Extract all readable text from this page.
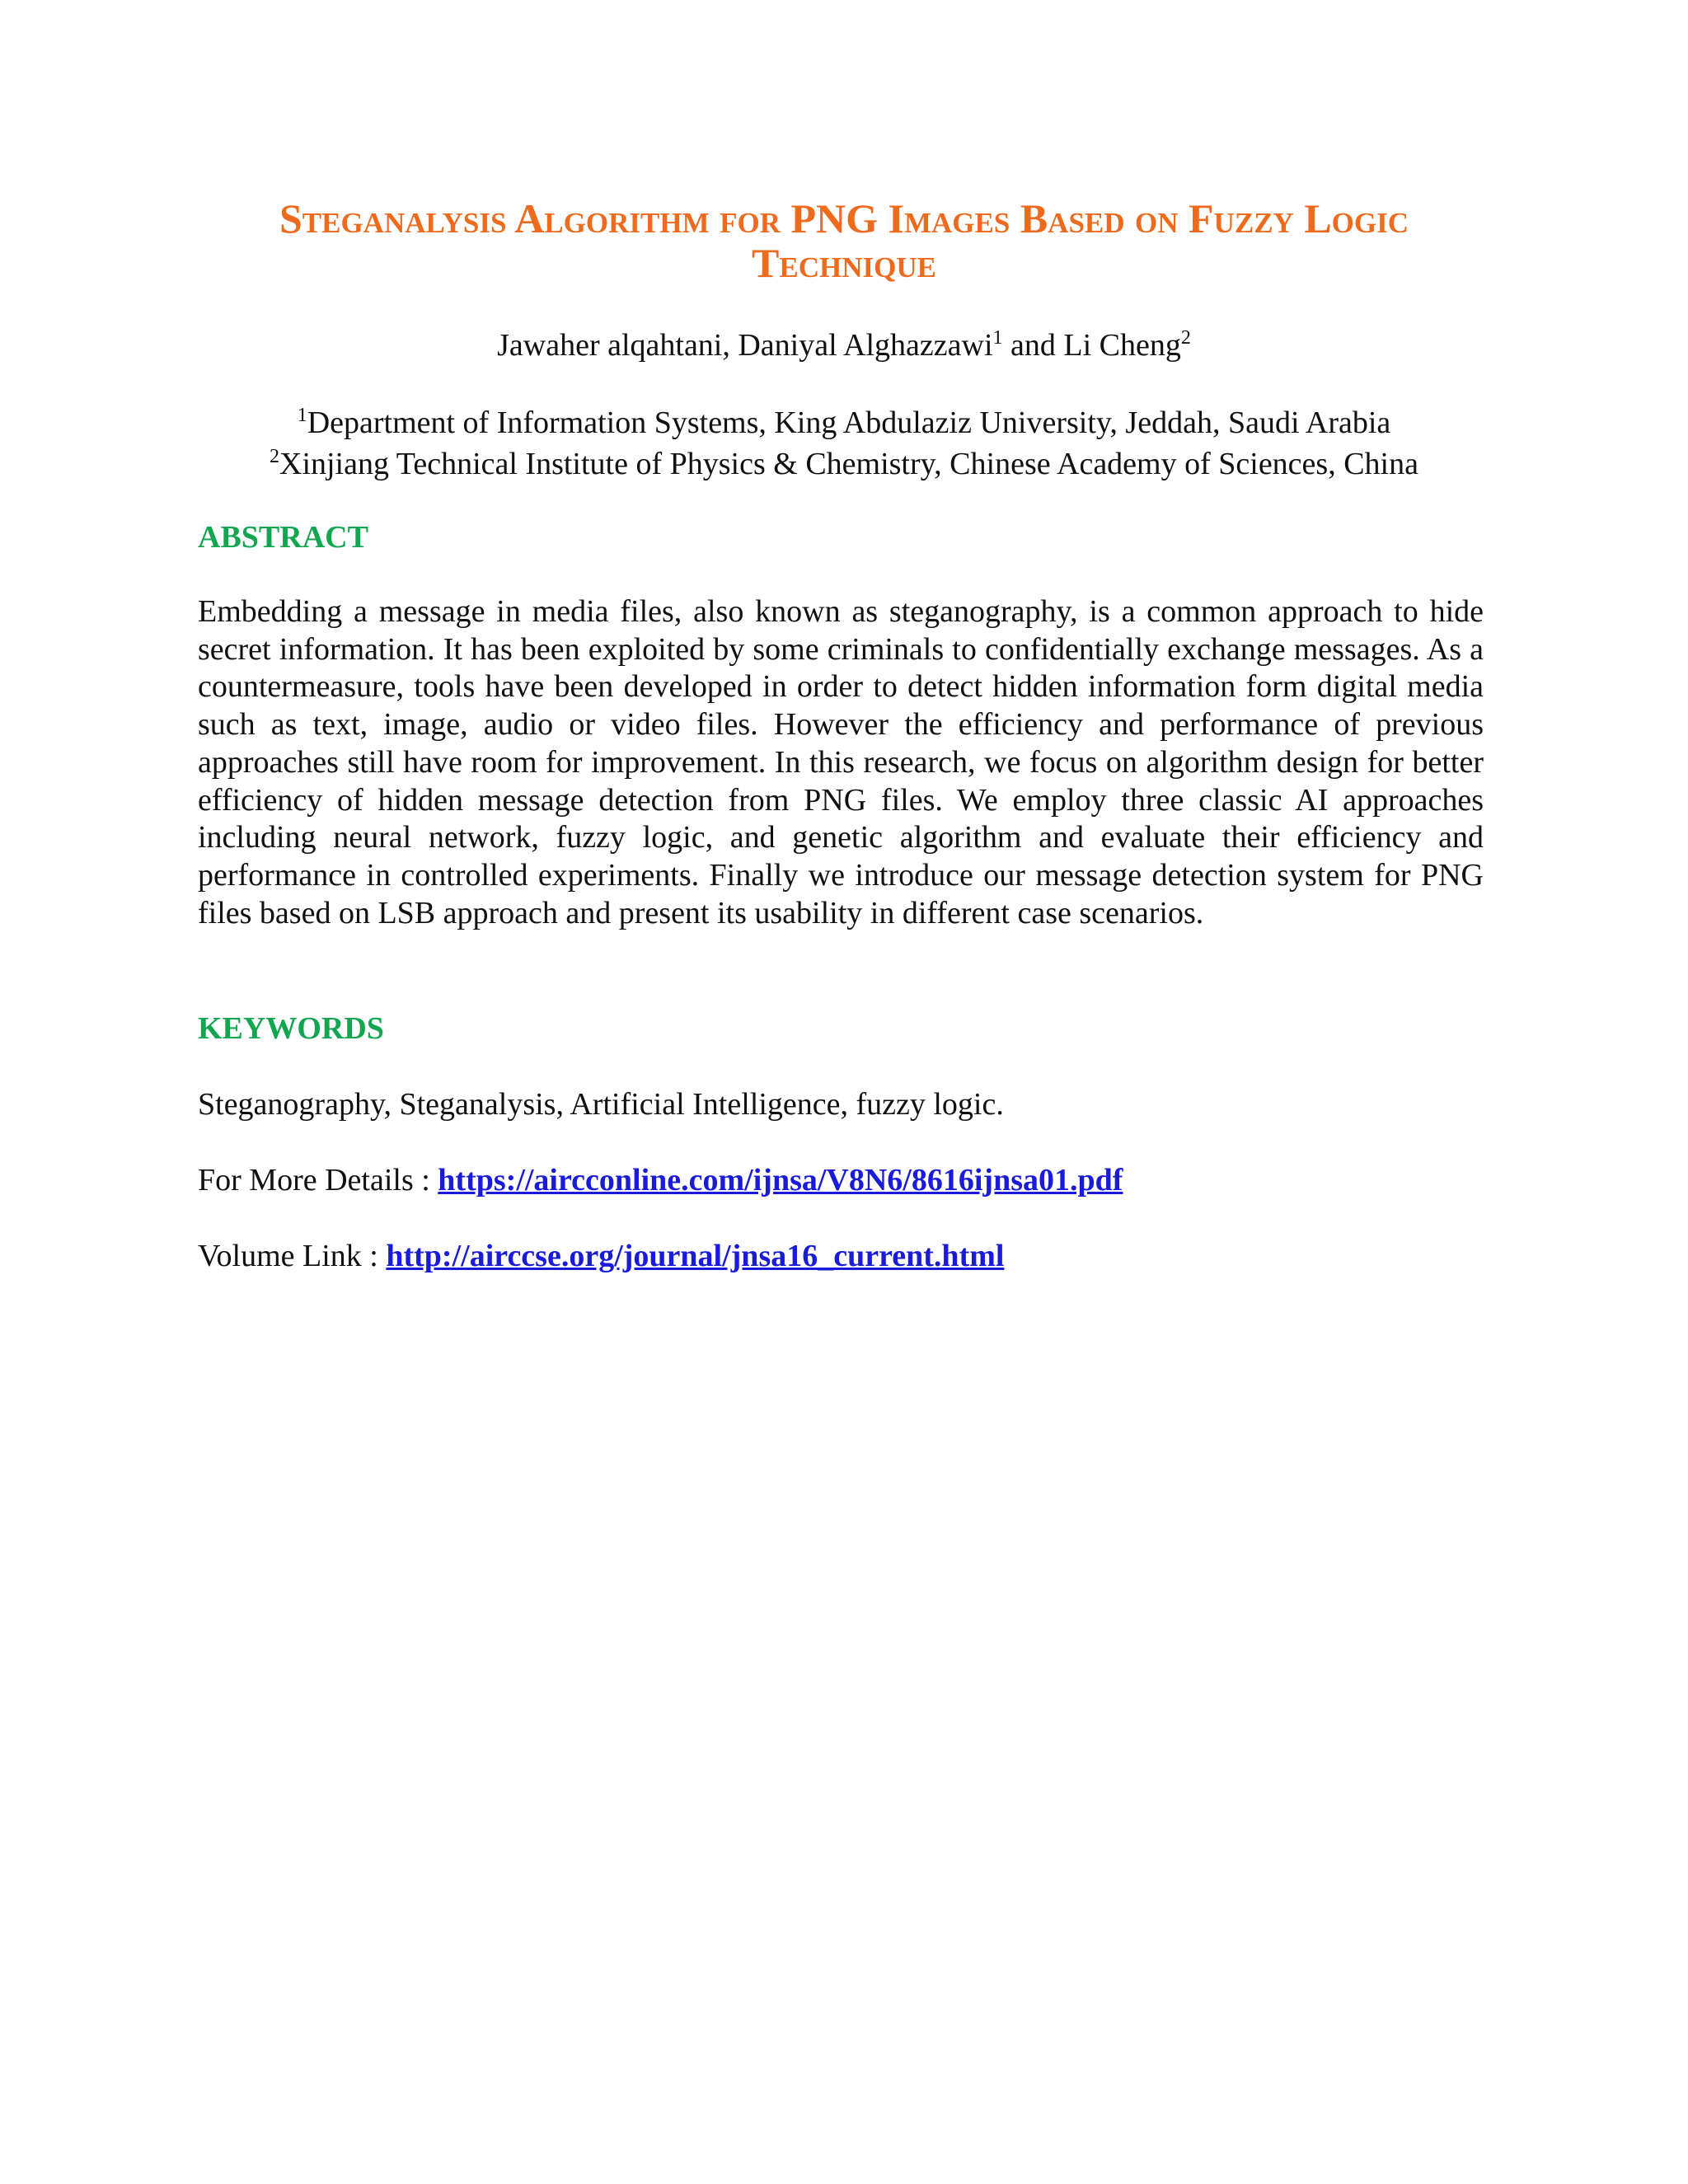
Steganalysis Algorithm for PNG Images Based on Fuzzy Logic
Technique

Jawaher alqahtani, Daniyal Alghazzawi$^1$ and Li Cheng$^2$

$^1$Department of Information Systems, King Abdulaziz University, Jeddah, Saudi Arabia
$^2$Xinjiang Technical Institute of Physics & Chemistry, Chinese Academy of Sciences, China

ABSTRACT

Embedding a message in media files, also known as steganography, is a common approach to hide secret information. It has been exploited by some criminals to confidentially exchange messages. As a countermeasure, tools have been developed in order to detect hidden information form digital media such as text, image, audio or video files. However the efficiency and performance of previous approaches still have room for improvement. In this research, we focus on algorithm design for better efficiency of hidden message detection from PNG files. We employ three classic AI approaches including neural network, fuzzy logic, and genetic algorithm and evaluate their efficiency and performance in controlled experiments. Finally we introduce our message detection system for PNG files based on LSB approach and present its usability in different case scenarios.

KEYWORDS

Steganography, Steganalysis, Artificial Intelligence, fuzzy logic.

For More Details : https://aircconline.com/ijnsa/V8N6/8616ijnsa01.pdf

Volume Link : http://airccse.org/journal/jnsa16_current.html
